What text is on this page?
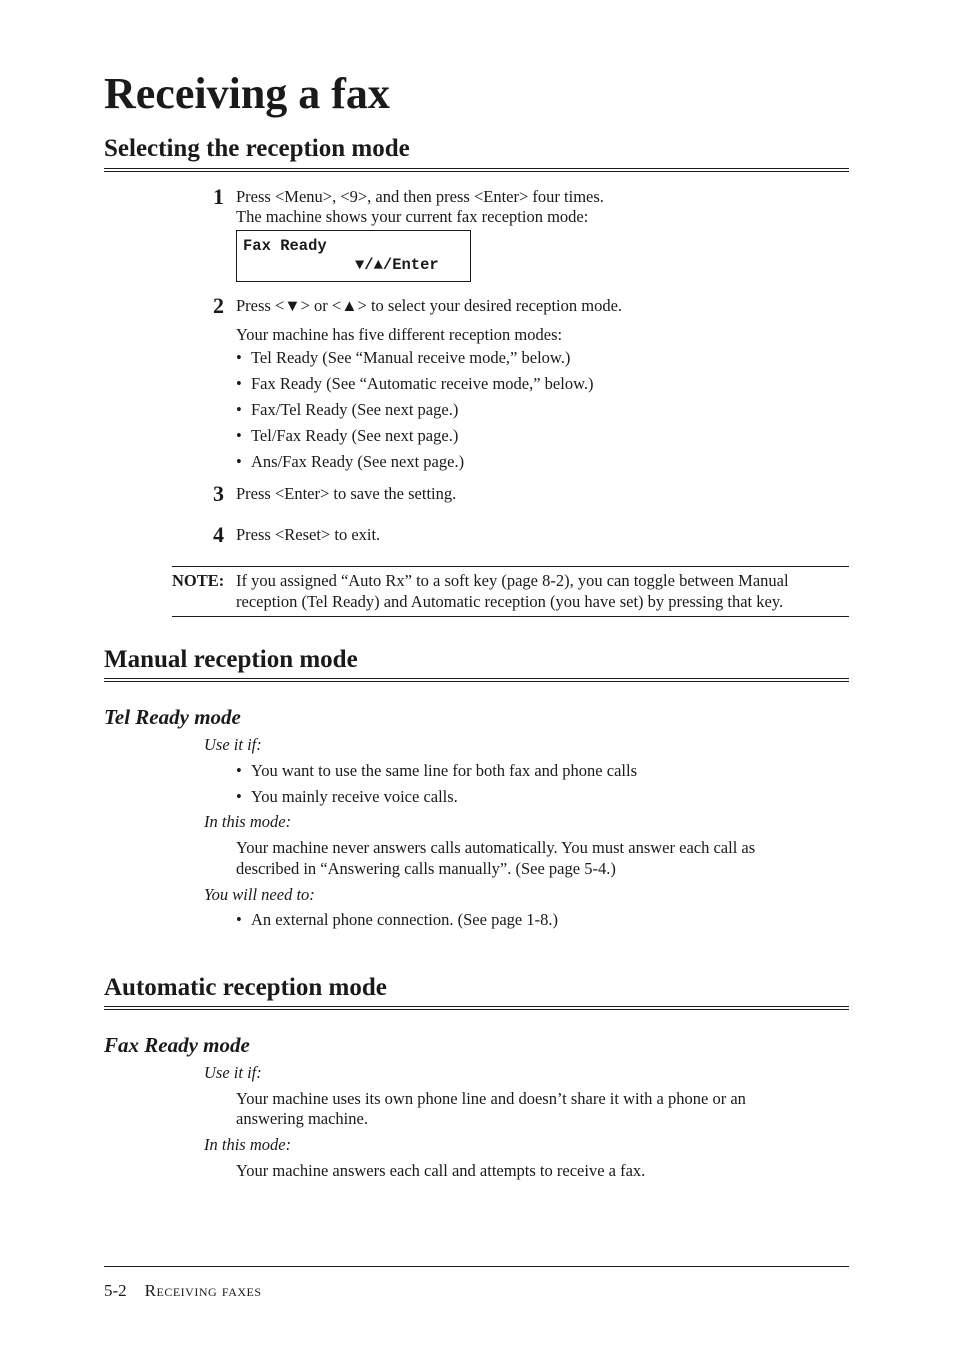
Receiving a fax
Selecting the reception mode
1 Press <Menu>, <9>, and then press <Enter> four times.
The machine shows your current fax reception mode:
Fax Ready
▼/▲/Enter
2 Press <▼> or <▲> to select your desired reception mode.
Your machine has five different reception modes:
• Tel Ready (See “Manual receive mode,” below.)
• Fax Ready (See “Automatic receive mode,” below.)
• Fax/Tel Ready (See next page.)
• Tel/Fax Ready (See next page.)
• Ans/Fax Ready (See next page.)
3 Press <Enter> to save the setting.
4 Press <Reset> to exit.
NOTE: If you assigned “Auto Rx” to a soft key (page 8-2), you can toggle between Manual
reception (Tel Ready) and Automatic reception (you have set) by pressing that key.
Manual reception mode
Tel Ready mode
Use it if:
• You want to use the same line for both fax and phone calls
• You mainly receive voice calls.
In this mode:
Your machine never answers calls automatically. You must answer each call as
described in “Answering calls manually”. (See page 5-4.)
You will need to:
• An external phone connection. (See page 1-8.)
Automatic reception mode
Fax Ready mode
Use it if:
Your machine uses its own phone line and doesn’t share it with a phone or an
answering machine.
In this mode:
Your machine answers each call and attempts to receive a fax.
5-2 Receiving faxes
